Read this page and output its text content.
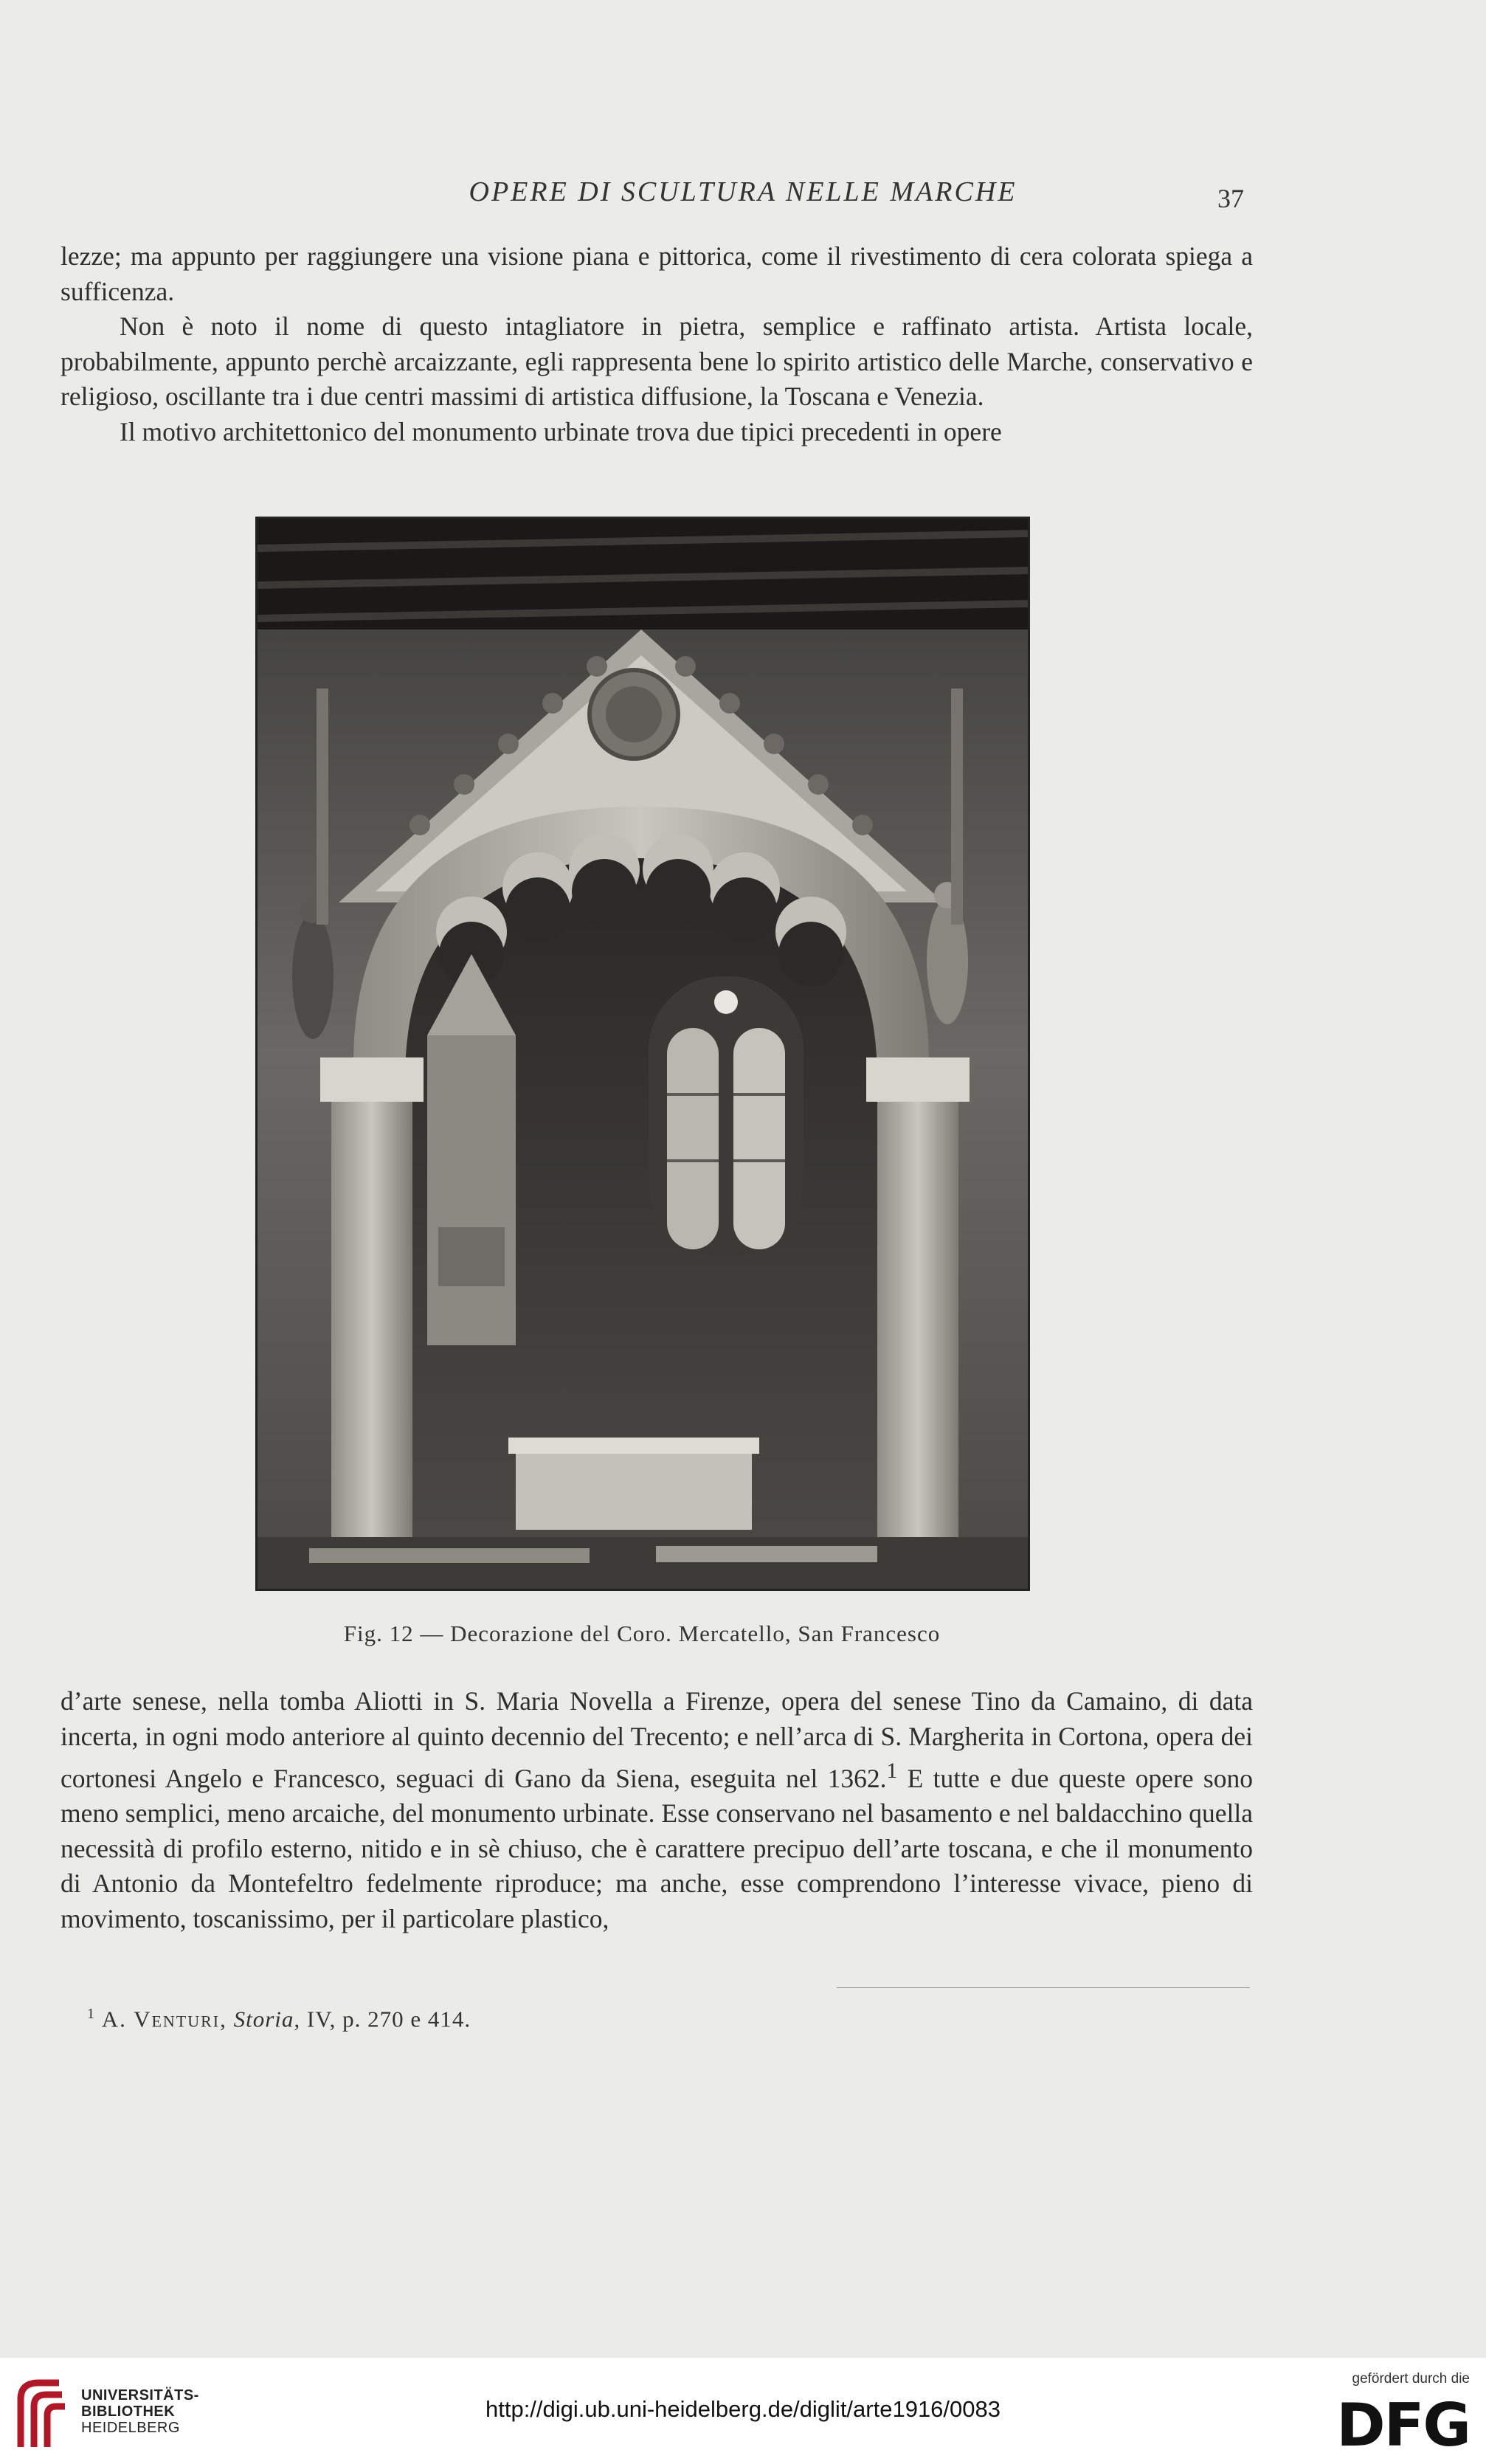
OPERE DI SCULTURA NELLE MARCHE	37

lezze; ma appunto per raggiungere una visione piana e pittorica, come il rivestimento di cera colorata spiega a sufficenza.

Non è noto il nome di questo intagliatore in pietra, semplice e raffinato artista. Artista locale, probabilmente, appunto perchè arcaizzante, egli rappresenta bene lo spirito artistico delle Marche, conservativo e religioso, oscillante tra i due centri massimi di artistica diffusione, la Toscana e Venezia.

Il motivo architettonico del monumento urbinate trova due tipici precedenti in opere

Fig. 12 — Decorazione del Coro. Mercatello, San Francesco

d’arte senese, nella tomba Aliotti in S. Maria Novella a Firenze, opera del senese Tino da Camaino, di data incerta, in ogni modo anteriore al quinto decennio del Trecento; e nell’arca di S. Margherita in Cortona, opera dei cortonesi Angelo e Francesco, seguaci di Gano da Siena, eseguita nel 1362.$^1$ E tutte e due queste opere sono meno semplici, meno arcaiche, del monumento urbinate. Esse conservano nel basamento e nel baldacchino quella necessità di profilo esterno, nitido e in sè chiuso, che è carattere precipuo dell’arte toscana, e che il monumento di Antonio da Montefeltro fedelmente riproduce; ma anche, esse comprendono l’interesse vivace, pieno di movimento, toscanissimo, per il particolare plastico,

$^1$ A. Venturi, Storia, IV, p. 270 e 414.
UNIVERSITÄTS-
BIBLIOTHEK
HEIDELBERG
http://digi.ub.uni-heidelberg.de/diglit/arte1916/0083
gefördert durch die
DFG
